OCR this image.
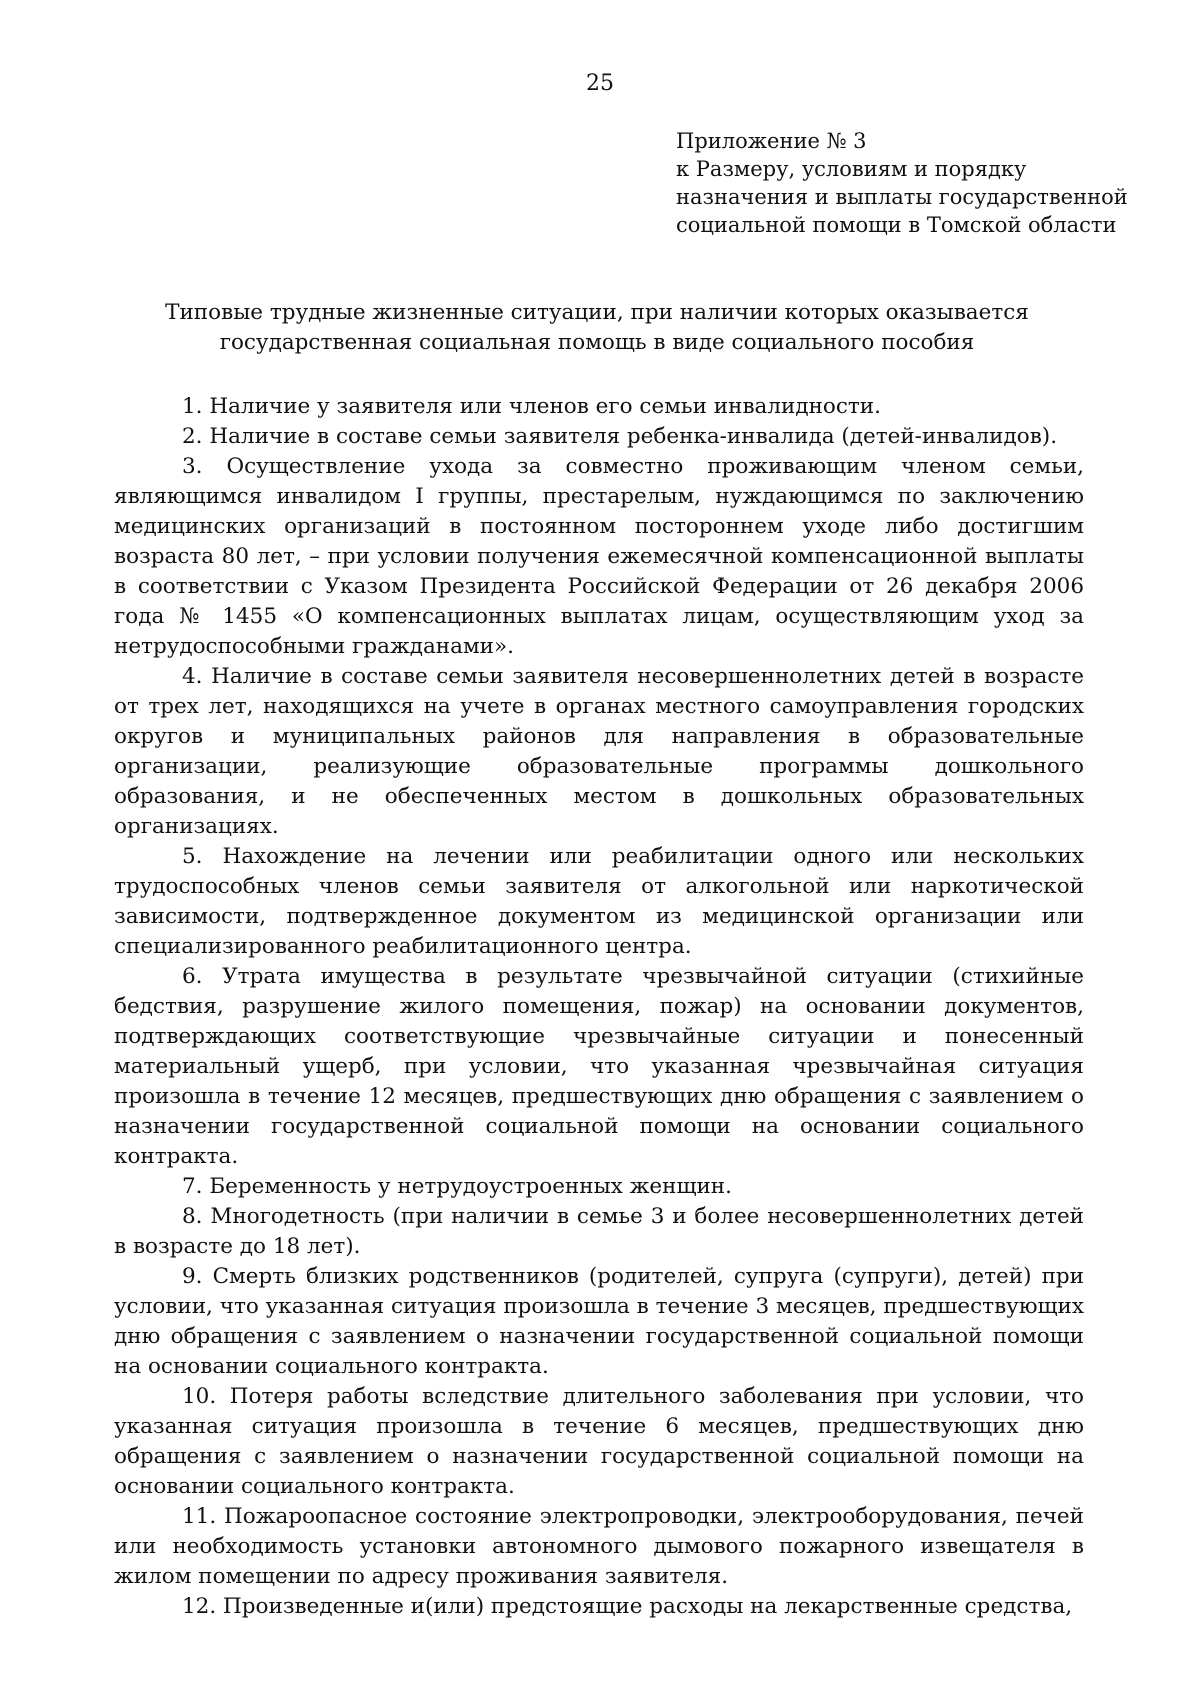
25
Приложение № 3
к Размеру, условиям и порядку
назначения и выплаты государственной
социальной помощи в Томской области
Типовые трудные жизненные ситуации, при наличии которых оказывается
государственная социальная помощь в виде социального пособия

1. Наличие у заявителя или членов его семьи инвалидности.

2. Наличие в составе семьи заявителя ребенка-инвалида (детей-инвалидов).

3. Осуществление ухода за совместно проживающим членом семьи, являющимся инвалидом I группы, престарелым, нуждающимся по заключению медицинских организаций в постоянном постороннем уходе либо достигшим возраста 80 лет, – при условии получения ежемесячной компенсационной выплаты в соответствии с Указом Президента Российской Федерации от 26 декабря 2006 года № 1455 «О компенсационных выплатах лицам, осуществляющим уход за нетрудоспособными гражданами».

4. Наличие в составе семьи заявителя несовершеннолетних детей в возрасте от трех лет, находящихся на учете в органах местного самоуправления городских округов и муниципальных районов для направления в образовательные организации, реализующие образовательные программы дошкольного образования, и не обеспеченных местом в дошкольных образовательных организациях.

5. Нахождение на лечении или реабилитации одного или нескольких трудоспособных членов семьи заявителя от алкогольной или наркотической зависимости, подтвержденное документом из медицинской организации или специализированного реабилитационного центра.

6. Утрата имущества в результате чрезвычайной ситуации (стихийные бедствия, разрушение жилого помещения, пожар) на основании документов, подтверждающих соответствующие чрезвычайные ситуации и понесенный материальный ущерб, при условии, что указанная чрезвычайная ситуация произошла в течение 12 месяцев, предшествующих дню обращения с заявлением о назначении государственной социальной помощи на основании социального контракта.

7. Беременность у нетрудоустроенных женщин.

8. Многодетность (при наличии в семье 3 и более несовершеннолетних детей в возрасте до 18 лет).

9. Смерть близких родственников (родителей, супруга (супруги), детей) при условии, что указанная ситуация произошла в течение 3 месяцев, предшествующих дню обращения с заявлением о назначении государственной социальной помощи на основании социального контракта.

10. Потеря работы вследствие длительного заболевания при условии, что указанная ситуация произошла в течение 6 месяцев, предшествующих дню обращения с заявлением о назначении государственной социальной помощи на основании социального контракта.

11. Пожароопасное состояние электропроводки, электрооборудования, печей или необходимость установки автономного дымового пожарного извещателя в жилом помещении по адресу проживания заявителя.

12. Произведенные и(или) предстоящие расходы на лекарственные средства,
